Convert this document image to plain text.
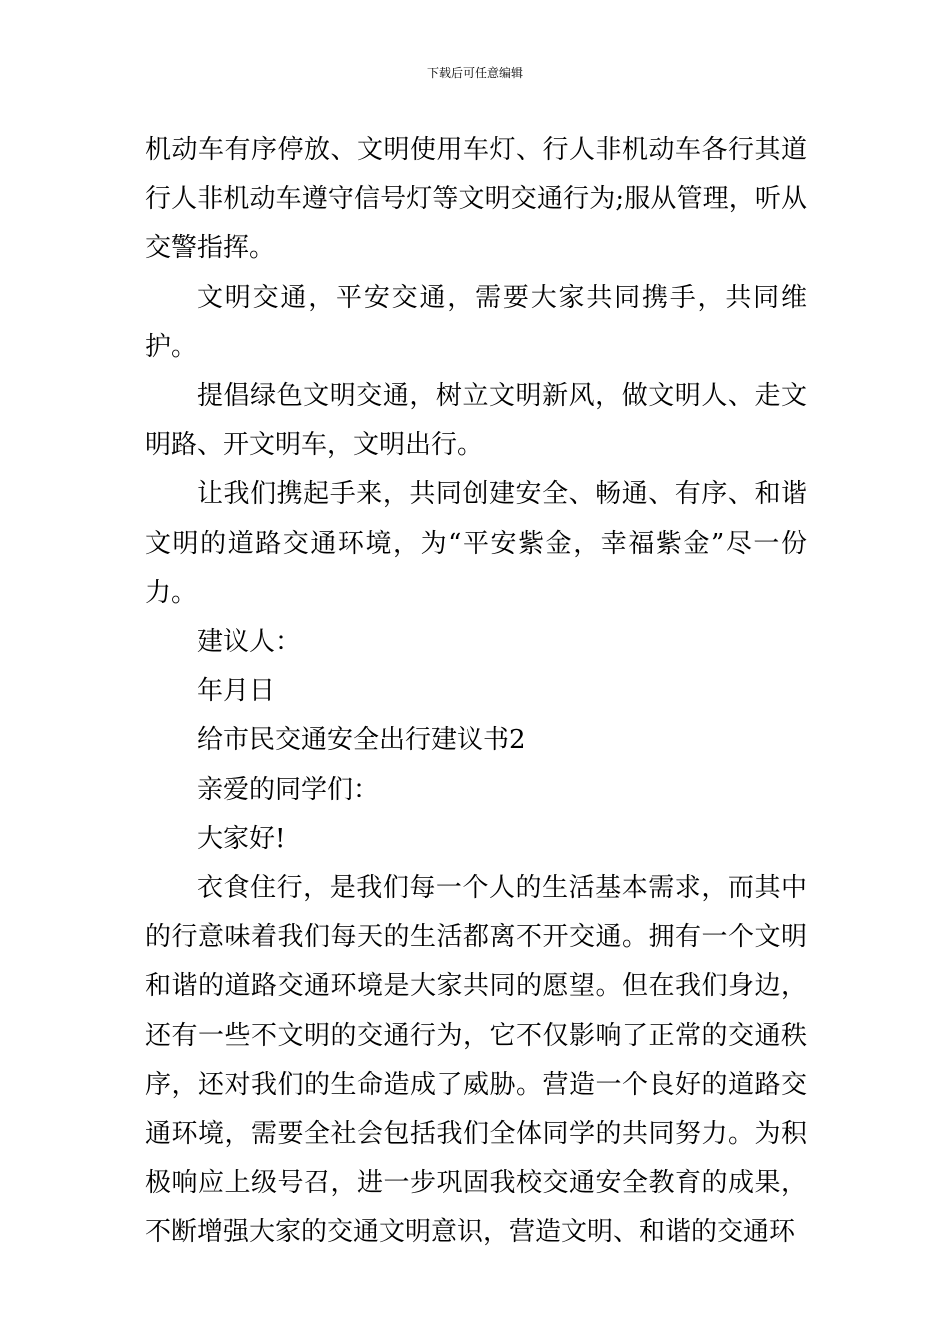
下载后可任意编辑

机动车有序停放、文明使用车灯、行人非机动车各行其道行人非机动车遵守信号灯等文明交通行为;服从管理，听从交警指挥。

文明交通，平安交通，需要大家共同携手，共同维护。

提倡绿色文明交通，树立文明新风，做文明人、走文明路、开文明车，文明出行。

让我们携起手来，共同创建安全、畅通、有序、和谐文明的道路交通环境，为“平安紫金，幸福紫金”尽一份力。

建议人：

年月日

给市民交通安全出行建议书2

亲爱的同学们：

大家好!

衣食住行，是我们每一个人的生活基本需求，而其中的行意味着我们每天的生活都离不开交通。拥有一个文明和谐的道路交通环境是大家共同的愿望。但在我们身边，还有一些不文明的交通行为，它不仅影响了正常的交通秩序，还对我们的生命造成了威胁。营造一个良好的道路交通环境，需要全社会包括我们全体同学的共同努力。为积极响应上级号召，进一步巩固我校交通安全教育的成果，不断增强大家的交通文明意识，营造文明、和谐的交通环
